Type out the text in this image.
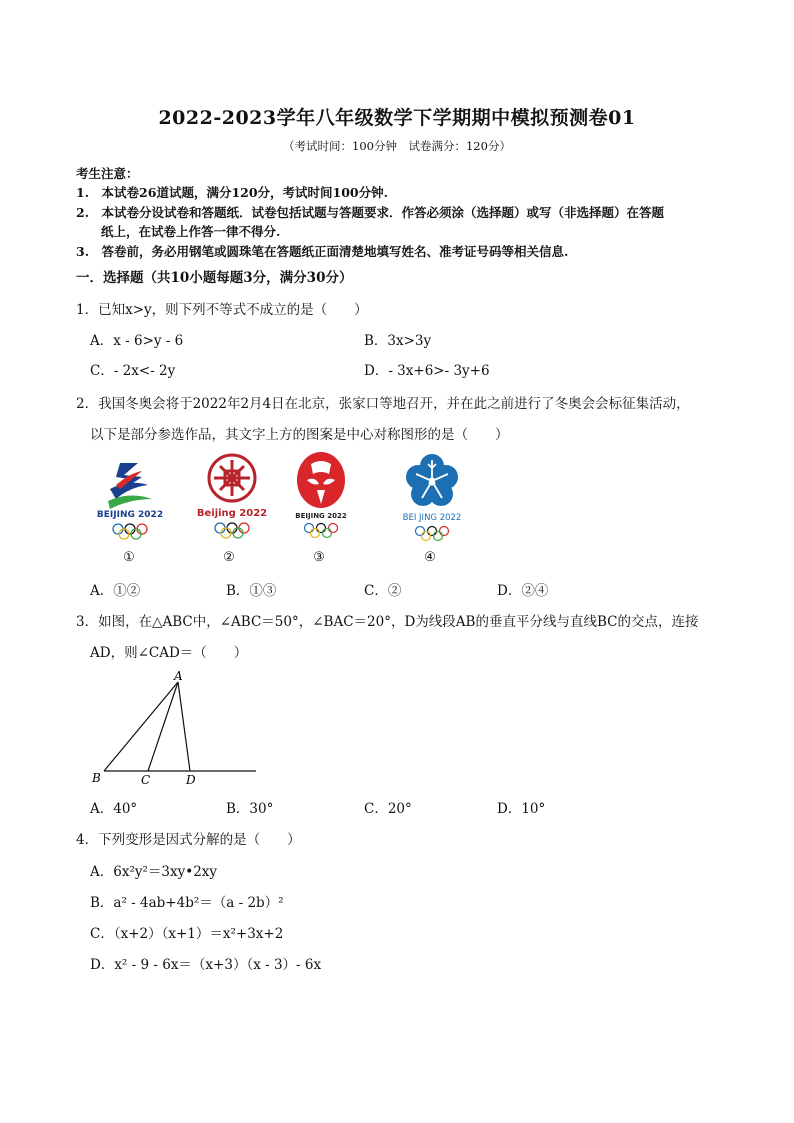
2022-2023学年八年级数学下学期期中模拟预测卷01
（考试时间：100分钟　试卷满分：120分）
考生注意：
1.　本试卷26道试题，满分120分，考试时间100分钟.
2.　本试卷分设试卷和答题纸．试卷包括试题与答题要求．作答必须涂（选择题）或写（非选择题）在答题
　　纸上，在试卷上作答一律不得分.
3.　答卷前，务必用钢笔或圆珠笔在答题纸正面清楚地填写姓名、准考证号码等相关信息.
一．选择题（共10小题每题3分，满分30分）
1．已知x>y，则下列不等式不成立的是（　　）
A．x - 6>y - 6	B．3x>3y
C．- 2x<- 2y	D．- 3x+6>- 3y+6
2．我国冬奥会将于2022年2月4日在北京，张家口等地召开，并在此之前进行了冬奥会会标征集活动，
以下是部分参选作品，其文字上方的图案是中心对称图形的是（　　）
BEIJING 2022	Beijing 2022	BEIJING 2022	BEI JING 2022
①	②	③	④
A．①②	B．①③	C．②	D．②④
3．如图，在△ABC中，∠ABC＝50°，∠BAC＝20°，D为线段AB的垂直平分线与直线BC的交点，连接
AD，则∠CAD＝（　　）
A
B	C	D
A．40°	B．30°	C．20°	D．10°
4．下列变形是因式分解的是（　　）
A．6x²y²＝3xy•2xy
B．a² - 4ab+4b²＝（a - 2b）²
C．（x+2）（x+1）＝x²+3x+2
D．x² - 9 - 6x＝（x+3）（x - 3）- 6x
